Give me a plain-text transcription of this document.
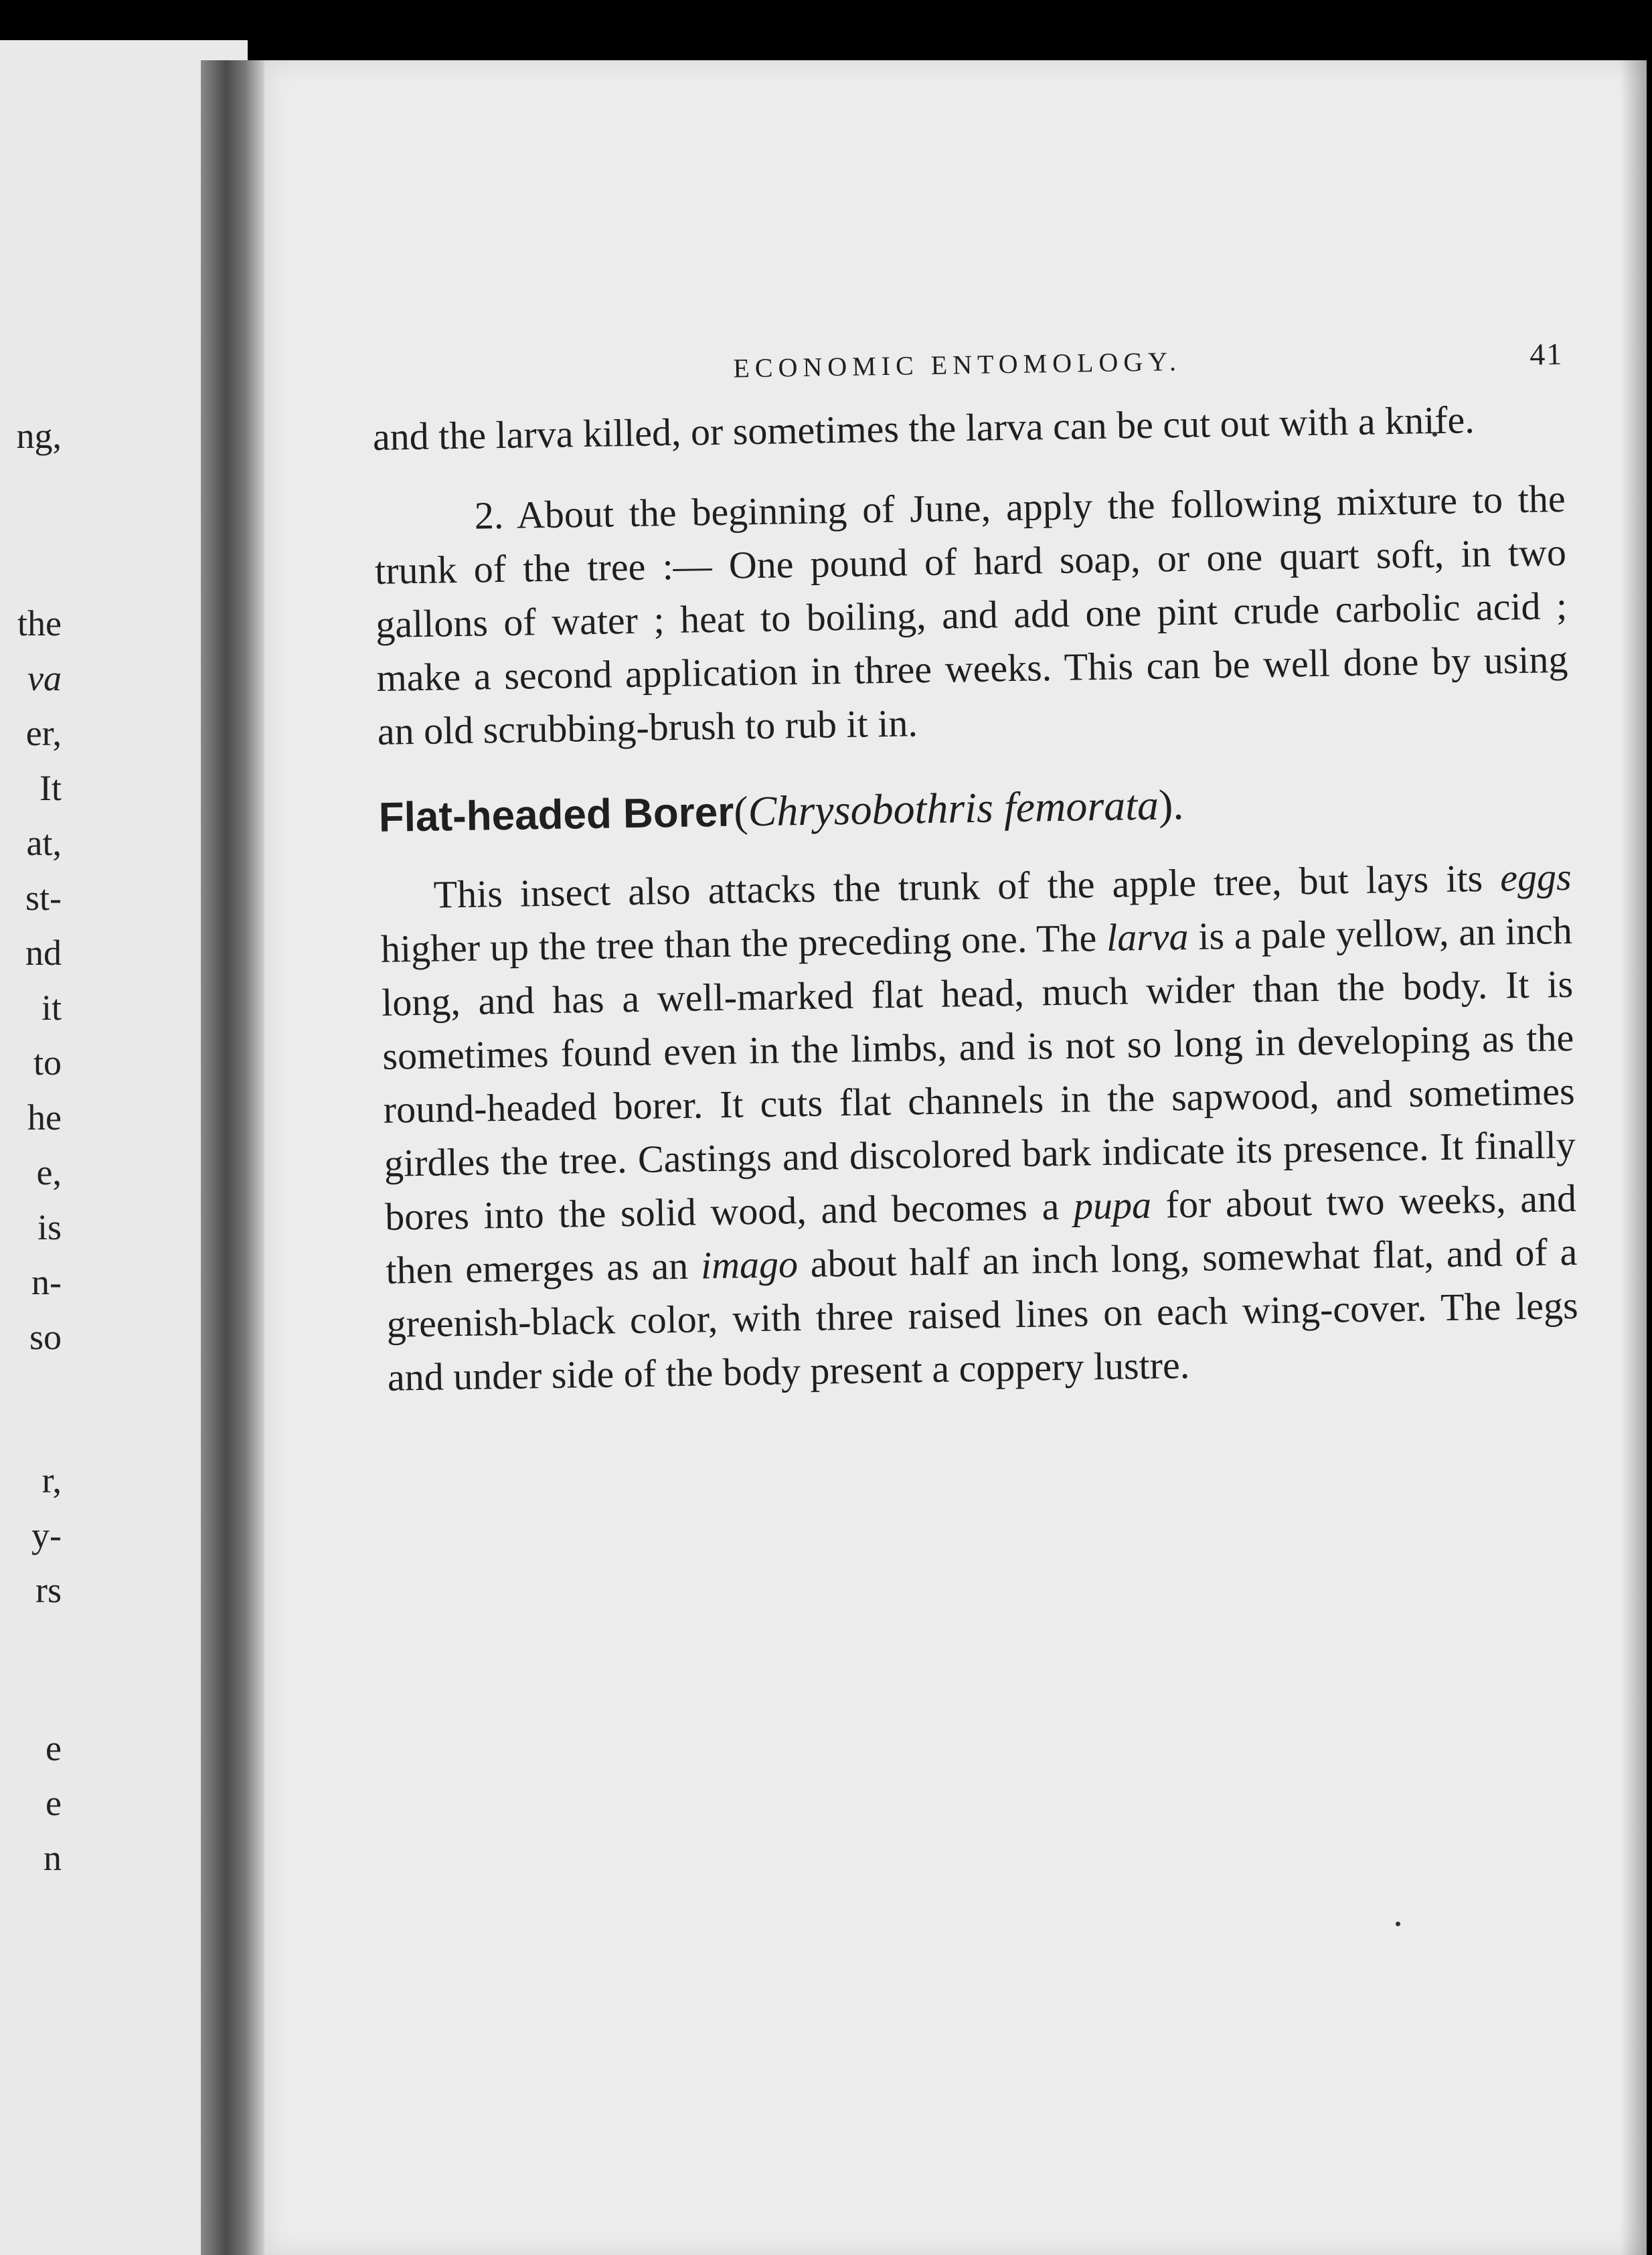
ng,
the
va
er,
It
at,
st-
nd
it
to
he
e,
is
n-
so
r,
y-
rs
e
e
n
ECONOMIC ENTOMOLOGY.	41

and the larva killed, or sometimes the larva can be cut out with a knife.

2. About the beginning of June, apply the following mixture to the trunk of the tree :— One pound of hard soap, or one quart soft, in two gallons of water ; heat to boiling, and add one pint crude carbolic acid ; make a second application in three weeks. This can be well done by using an old scrubbing-brush to rub it in.

Flat-headed Borer(Chrysobothris femorata).

This insect also attacks the trunk of the apple tree, but lays its eggs higher up the tree than the preceding one. The larva is a pale yellow, an inch long, and has a well-marked flat head, much wider than the body. It is sometimes found even in the limbs, and is not so long in developing as the round-headed borer. It cuts flat channels in the sapwood, and sometimes girdles the tree. Castings and discolored bark indicate its presence. It finally bores into the solid wood, and becomes a pupa for about two weeks, and then emerges as an imago about half an inch long, somewhat flat, and of a greenish-black color, with three raised lines on each wing-cover. The legs and under side of the body present a coppery lustre.
